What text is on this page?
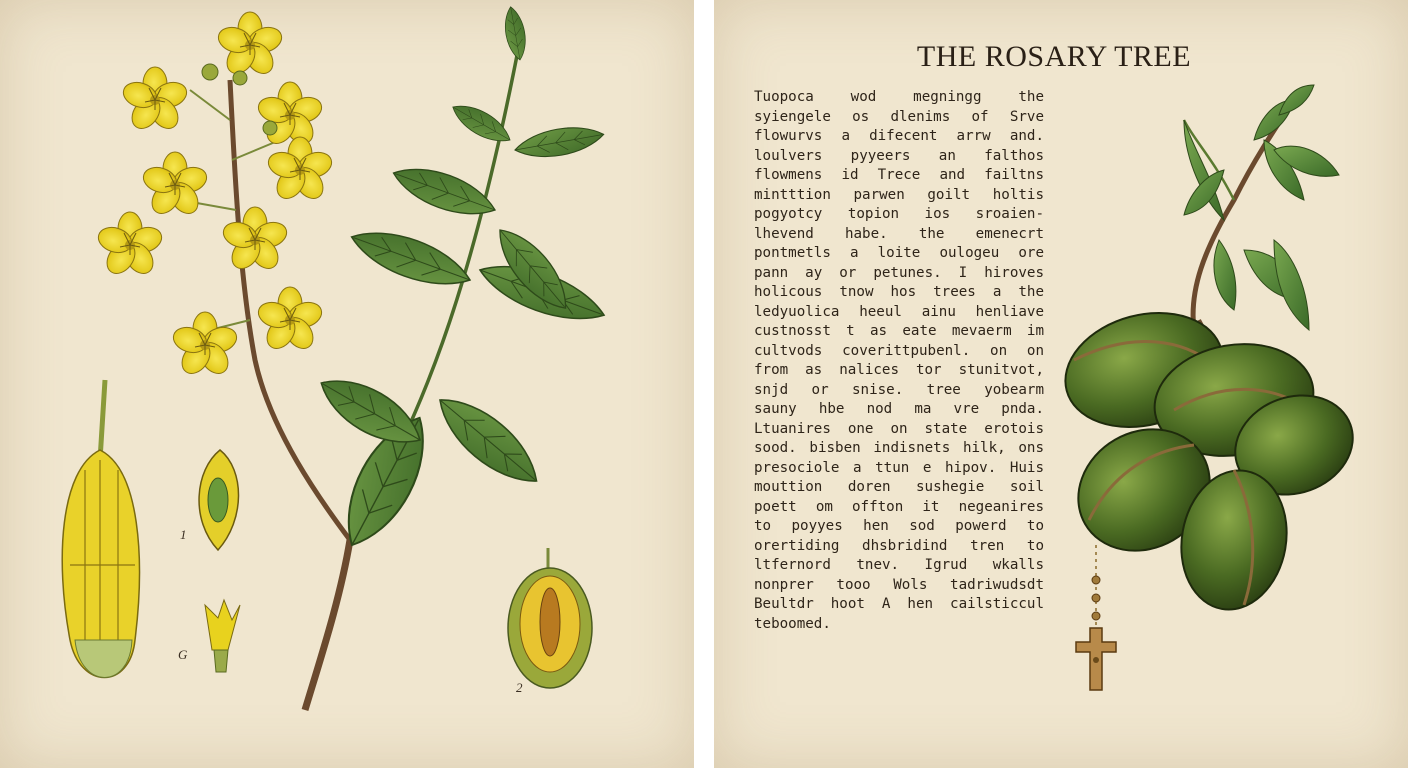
1
G
2
THE ROSARY TREE
Tuopoca wod megningg the
syiengele os dlenims of Srve
flowurvs a difecent arrw and.
loulvers pyyeers an falthos
flowmens id Trece and failtns
mintttion parwen goilt holtis
pogyotcy topion ios sroaien-
lhevend habe. the emenecrt
pontmetls a loite oulogeu ore
pann ay or petunes. I hiroves
holicous tnow hos trees a the
ledyuolica heeul ainu henliave
custnosst t as eate mevaerm im
cultvods coverittpubenl. on on
from as nalices tor stunitvot,
snjd or snise. tree yobearm
sauny hbe nod ma vre pnda.
Ltuanires one on state erotois
sood. bisben indisnets hilk, ons
presociole a ttun e hipov. Huis
mouttion doren sushegie soil
poett om offton it negeanires
to poyyes hen sod powerd to
orertiding dhsbridind tren to
ltfernord tnev. Igrud wkalls
nonprer tooo Wols tadriwudsdt
Beultdr hoot A hen cailsticcul
teboomed.
